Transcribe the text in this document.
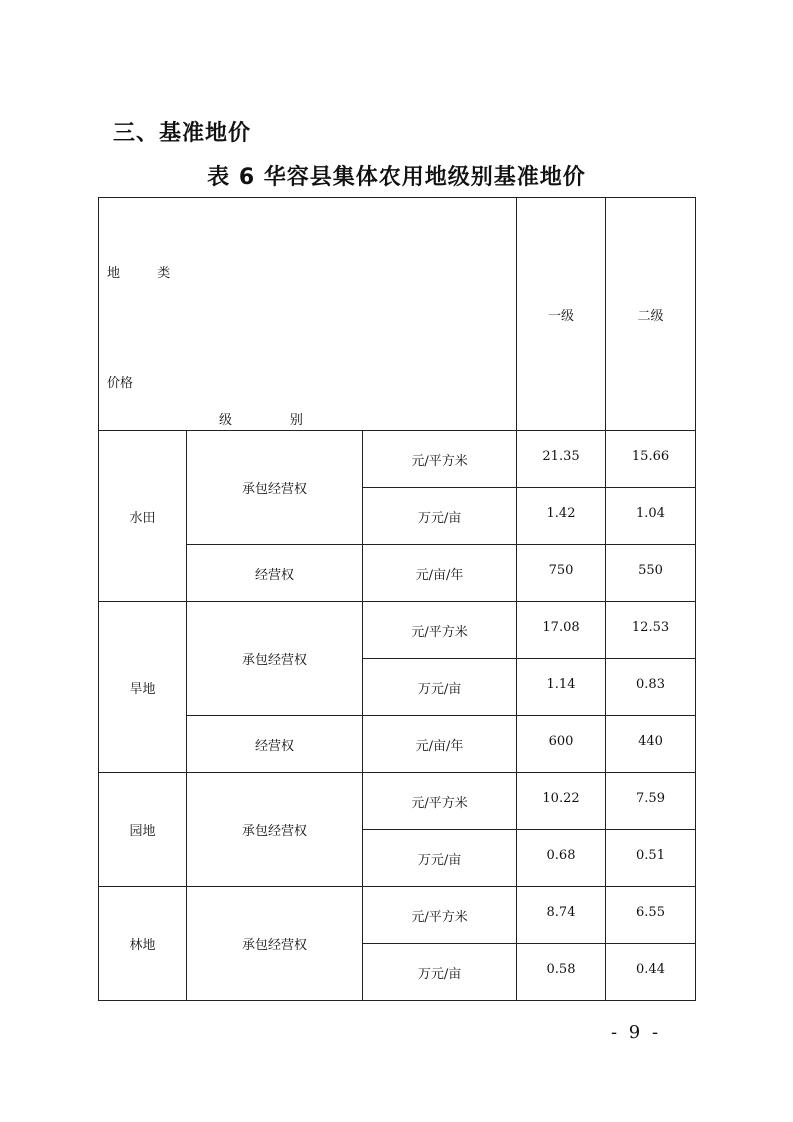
三、基准地价
表 6 华容县集体农用地级别基准地价
地         类
价格
级              别			一级	二级
水田	承包经营权	元/平方米	21.35	15.66
		万元/亩	1.42	1.04
	经营权	元/亩/年	750	550
旱地	承包经营权	元/平方米	17.08	12.53
		万元/亩	1.14	0.83
	经营权	元/亩/年	600	440
园地	承包经营权	元/平方米	10.22	7.59
		万元/亩	0.68	0.51
林地	承包经营权	元/平方米	8.74	6.55
		万元/亩	0.58	0.44
- 9 -
